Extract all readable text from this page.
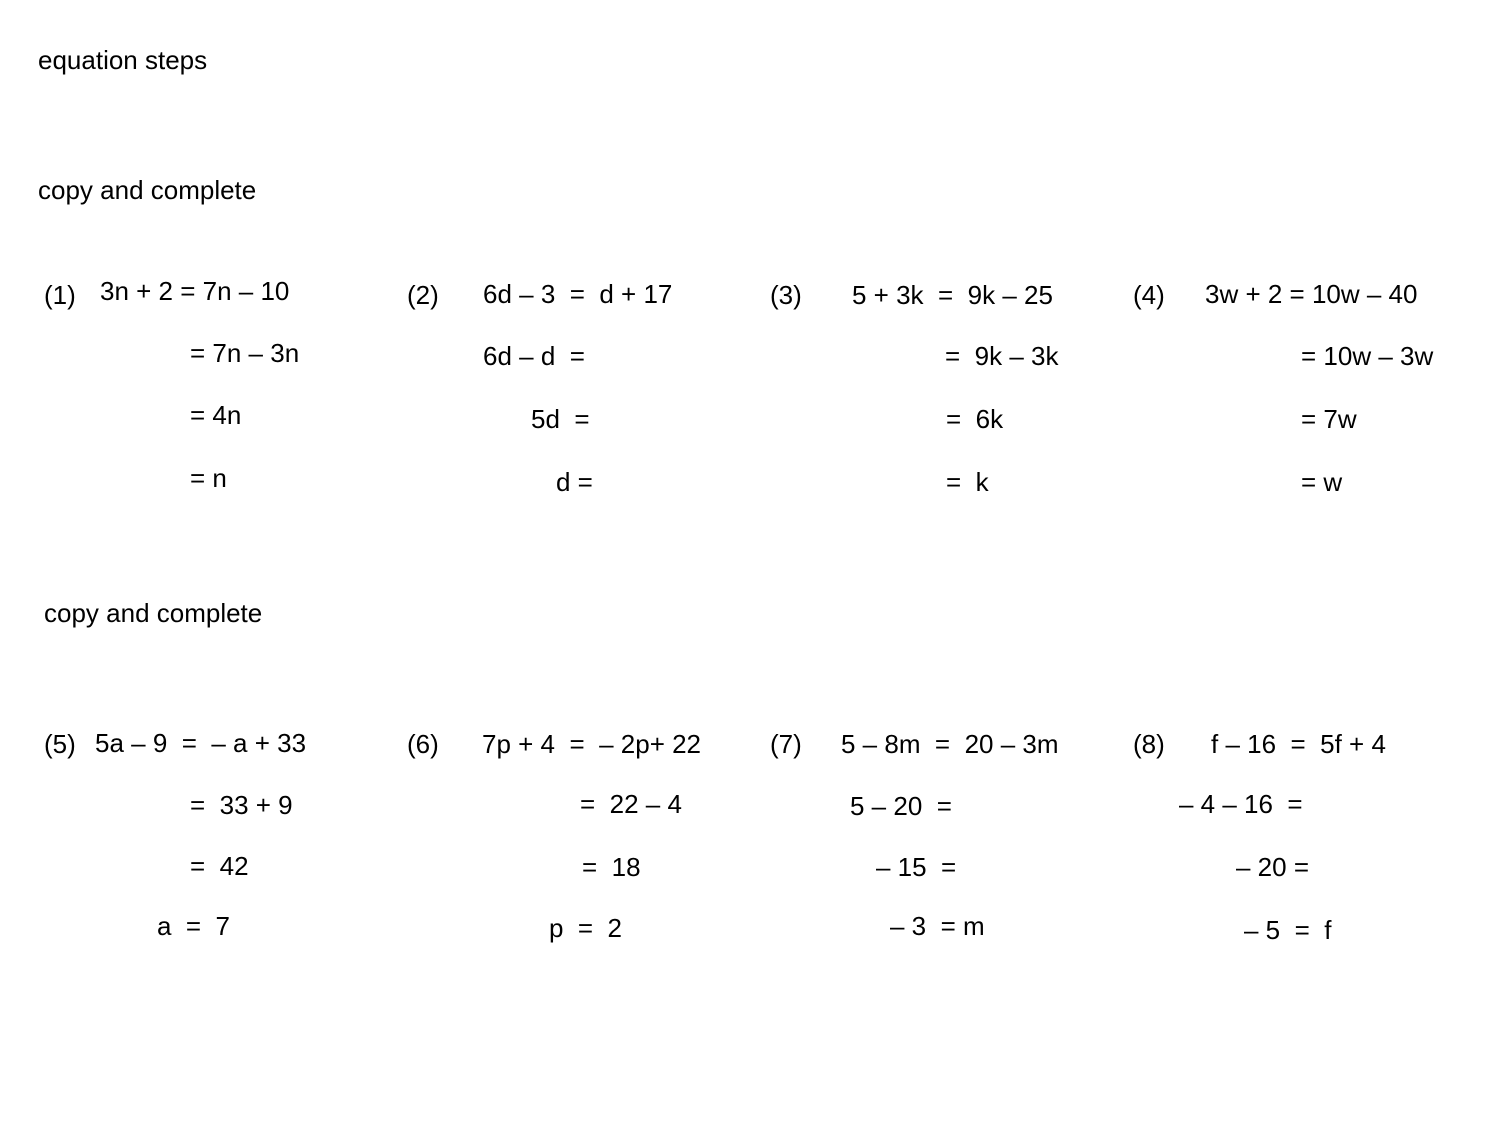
equation steps
copy and complete
(1) 3n + 2 = 7n – 10
= 7n – 3n
= 4n
= n
(2) 6d – 3  =  d + 17
6d – d  =
5d  =
d =
(3) 5 + 3k  =  9k – 25
=  9k – 3k
=  6k
=  k
(4) 3w + 2 = 10w – 40
= 10w – 3w
= 7w
= w
copy and complete
(5) 5a – 9  =  – a + 33
=  33 + 9
=  42
a  =  7
(6) 7p + 4  =  – 2p+ 22
=  22 – 4
=  18
p  =  2
(7) 5 – 8m  =  20 – 3m
5 – 20  =
– 15  =
– 3  = m
(8) f – 16  =  5f + 4
– 4 – 16  =
– 20 =
– 5  =  f
